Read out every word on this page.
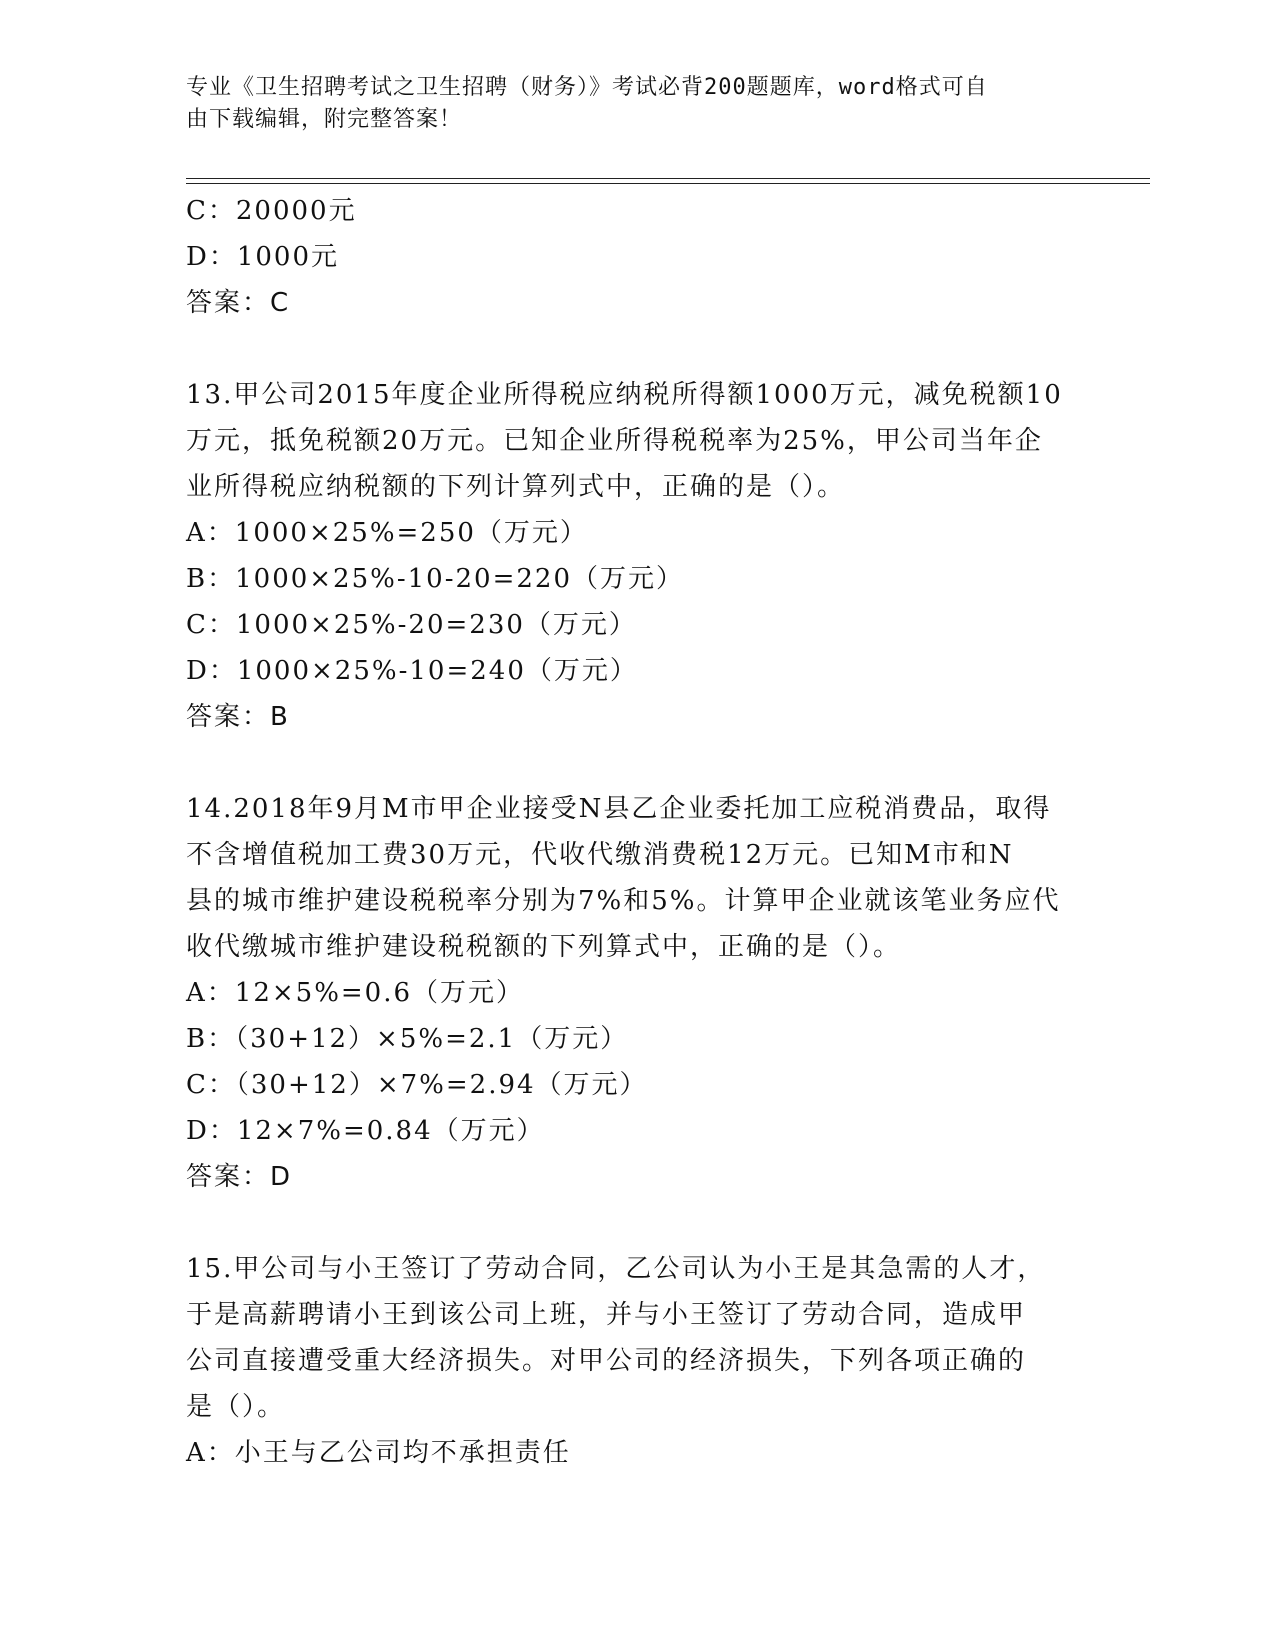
专业《卫生招聘考试之卫生招聘（财务）》考试必背200题题库，word格式可自
由下载编辑，附完整答案！
C：20000元
D：1000元
答案：C
13.甲公司2015年度企业所得税应纳税所得额1000万元，减免税额10
万元，抵免税额20万元。已知企业所得税税率为25%，甲公司当年企
业所得税应纳税额的下列计算列式中，正确的是（）。
A：1000×25%=250（万元）
B：1000×25%-10-20=220（万元）
C：1000×25%-20=230（万元）
D：1000×25%-10=240（万元）
答案：B
14.2018年9月M市甲企业接受N县乙企业委托加工应税消费品，取得
不含增值税加工费30万元，代收代缴消费税12万元。已知M市和N
县的城市维护建设税税率分别为7%和5%。计算甲企业就该笔业务应代
收代缴城市维护建设税税额的下列算式中，正确的是（）。
A：12×5%=0.6（万元）
B：（30+12）×5%=2.1（万元）
C：（30+12）×7%=2.94（万元）
D：12×7%=0.84（万元）
答案：D
15.甲公司与小王签订了劳动合同，乙公司认为小王是其急需的人才，
于是高薪聘请小王到该公司上班，并与小王签订了劳动合同，造成甲
公司直接遭受重大经济损失。对甲公司的经济损失，下列各项正确的
是（）。
A：小王与乙公司均不承担责任
